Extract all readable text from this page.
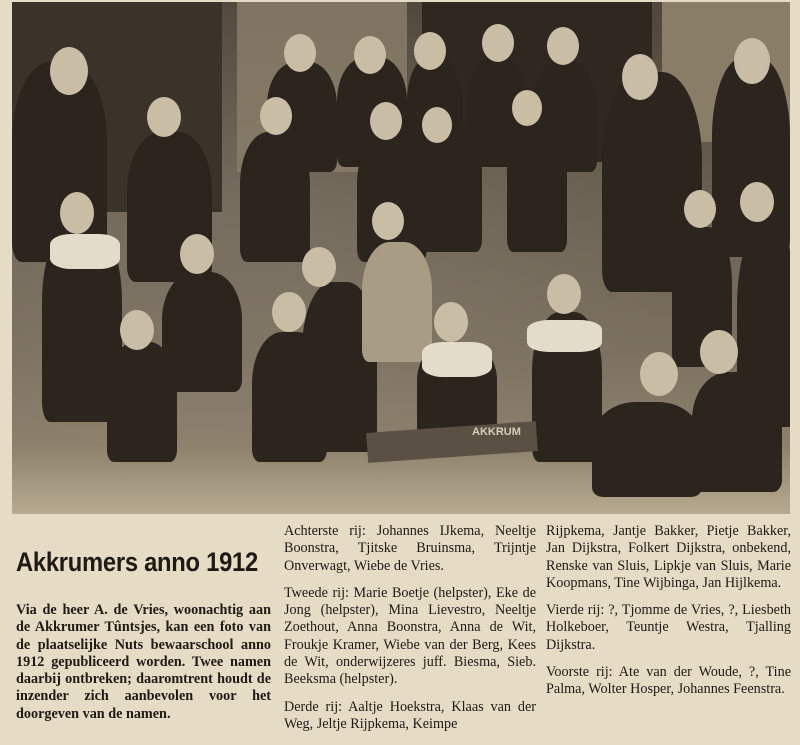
AKKRUM
Akkrumers anno 1912

Via de heer A. de Vries, woonachtig aan de Akkrumer Tûntsjes, kan een foto van de plaatselijke Nuts bewaarschool anno 1912 gepubliceerd worden. Twee namen daarbij ontbreken; daaromtrent houdt de inzender zich aanbevolen voor het doorgeven van de namen.

Achterste rij: Johannes IJkema, Neeltje Boonstra, Tjitske Bruinsma, Trijntje Onverwagt, Wiebe de Vries.

Tweede rij: Marie Boetje (helpster), Eke de Jong (helpster), Mina Lievestro, Neeltje Zoethout, Anna Boonstra, Anna de Wit, Froukje Kramer, Wiebe van der Berg, Kees de Wit, onderwijzeres juff. Biesma, Sieb. Beeksma (helpster).

Derde rij: Aaltje Hoekstra, Klaas van der Weg, Jeltje Rijpkema, Keimpe

Rijpkema, Jantje Bakker, Pietje Bakker, Jan Dijkstra, Folkert Dijkstra, onbekend, Renske van Sluis, Lipkje van Sluis, Marie Koopmans, Tine Wijbinga, Jan Hijlkema.

Vierde rij: ?, Tjomme de Vries, ?, Liesbeth Holkeboer, Teuntje Westra, Tjalling Dijkstra.

Voorste rij: Ate van der Woude, ?, Tine Palma, Wolter Hosper, Johannes Feenstra.
